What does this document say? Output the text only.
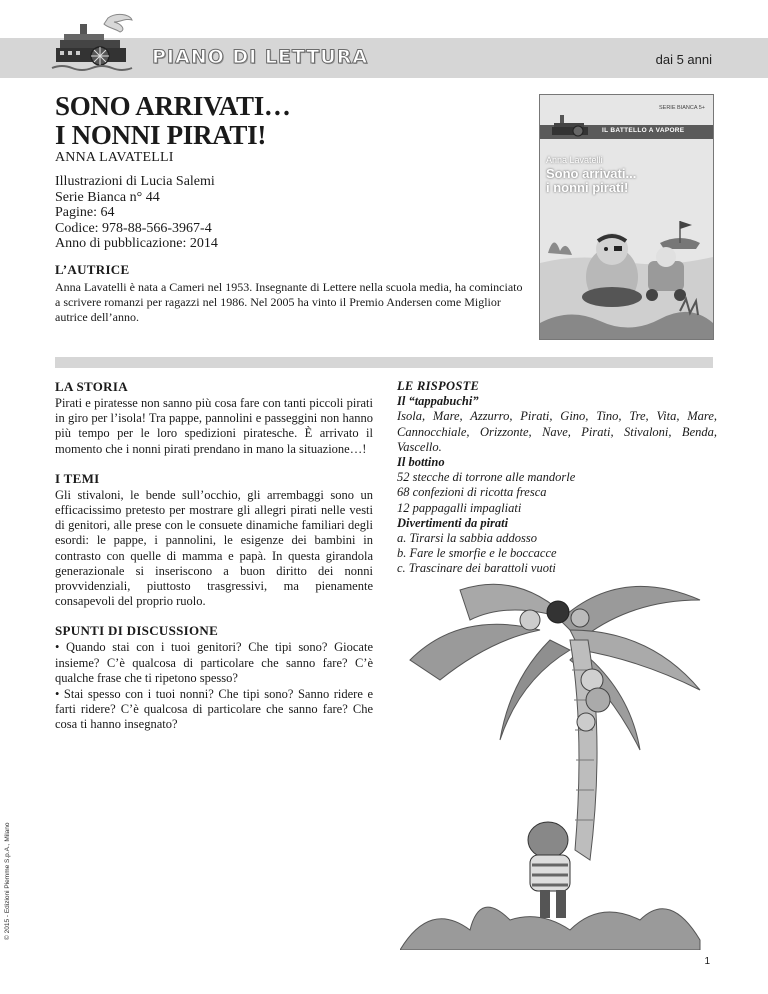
PIANO DI LETTURA	dai 5 anni
SONO ARRIVATI…
I NONNI PIRATI!
ANNA LAVATELLI
Illustrazioni di Lucia Salemi
Serie Bianca n° 44
Pagine: 64
Codice: 978-88-566-3967-4
Anno di pubblicazione: 2014
L’AUTRICE

Anna Lavatelli è nata a Cameri nel 1953. Insegnante di Lettere nella scuola media, ha cominciato a scrivere romanzi per ragazzi nel 1986. Nel 2005 ha vinto il Premio Andersen come Miglior autrice dell’anno.

SERIE BIANCA 5+
IL BATTELLO A VAPORE
Anna Lavatelli
Sono arrivati...
i nonni pirati!
LA STORIA

Pirati e piratesse non sanno più cosa fare con tanti piccoli pirati in giro per l’isola! Tra pappe, pannolini e passeggini non hanno più tempo per le loro spedizioni piratesche. È arrivato il momento che i nonni pirati prendano in mano la situazione…!

I TEMI

Gli stivaloni, le bende sull’occhio, gli arrembaggi sono un efficacissimo pretesto per mostrare gli allegri pirati nelle vesti di genitori, alle prese con le consuete dinamiche familiari degli esordi: le pappe, i pannolini, le esigenze dei bambini in contrasto con quelle di mamma e papà. In questa girandola generazionale si inseriscono a buon diritto dei nonni provvidenziali, piuttosto trasgressivi, ma pienamente consapevoli del proprio ruolo.

SPUNTI DI DISCUSSIONE

• Quando stai con i tuoi genitori? Che tipi sono? Giocate insieme? C’è qualcosa di particolare che sanno fare? C’è qualche frase che ti ripetono spesso?

• Stai spesso con i tuoi nonni? Che tipi sono? Sanno ridere e farti ridere? C’è qualcosa di particolare che sanno fare? Che cosa ti hanno insegnato?

LE RISPOSTE
Il “tappabuchi”
Isola, Mare, Azzurro, Pirati, Gino, Tino, Tre, Vita, Mare, Cannocchiale, Orizzonte, Nave, Pirati, Stivaloni, Benda, Vascello.
Il bottino
52 stecche di torrone alle mandorle
68 confezioni di ricotta fresca
12 pappagalli impagliati
Divertimenti da pirati
a. Tirarsi la sabbia addosso
b. Fare le smorfie e le boccacce
c. Trascinare dei barattoli vuoti
© 2015 - Edizioni Piemme S.p.A., Milano
1
